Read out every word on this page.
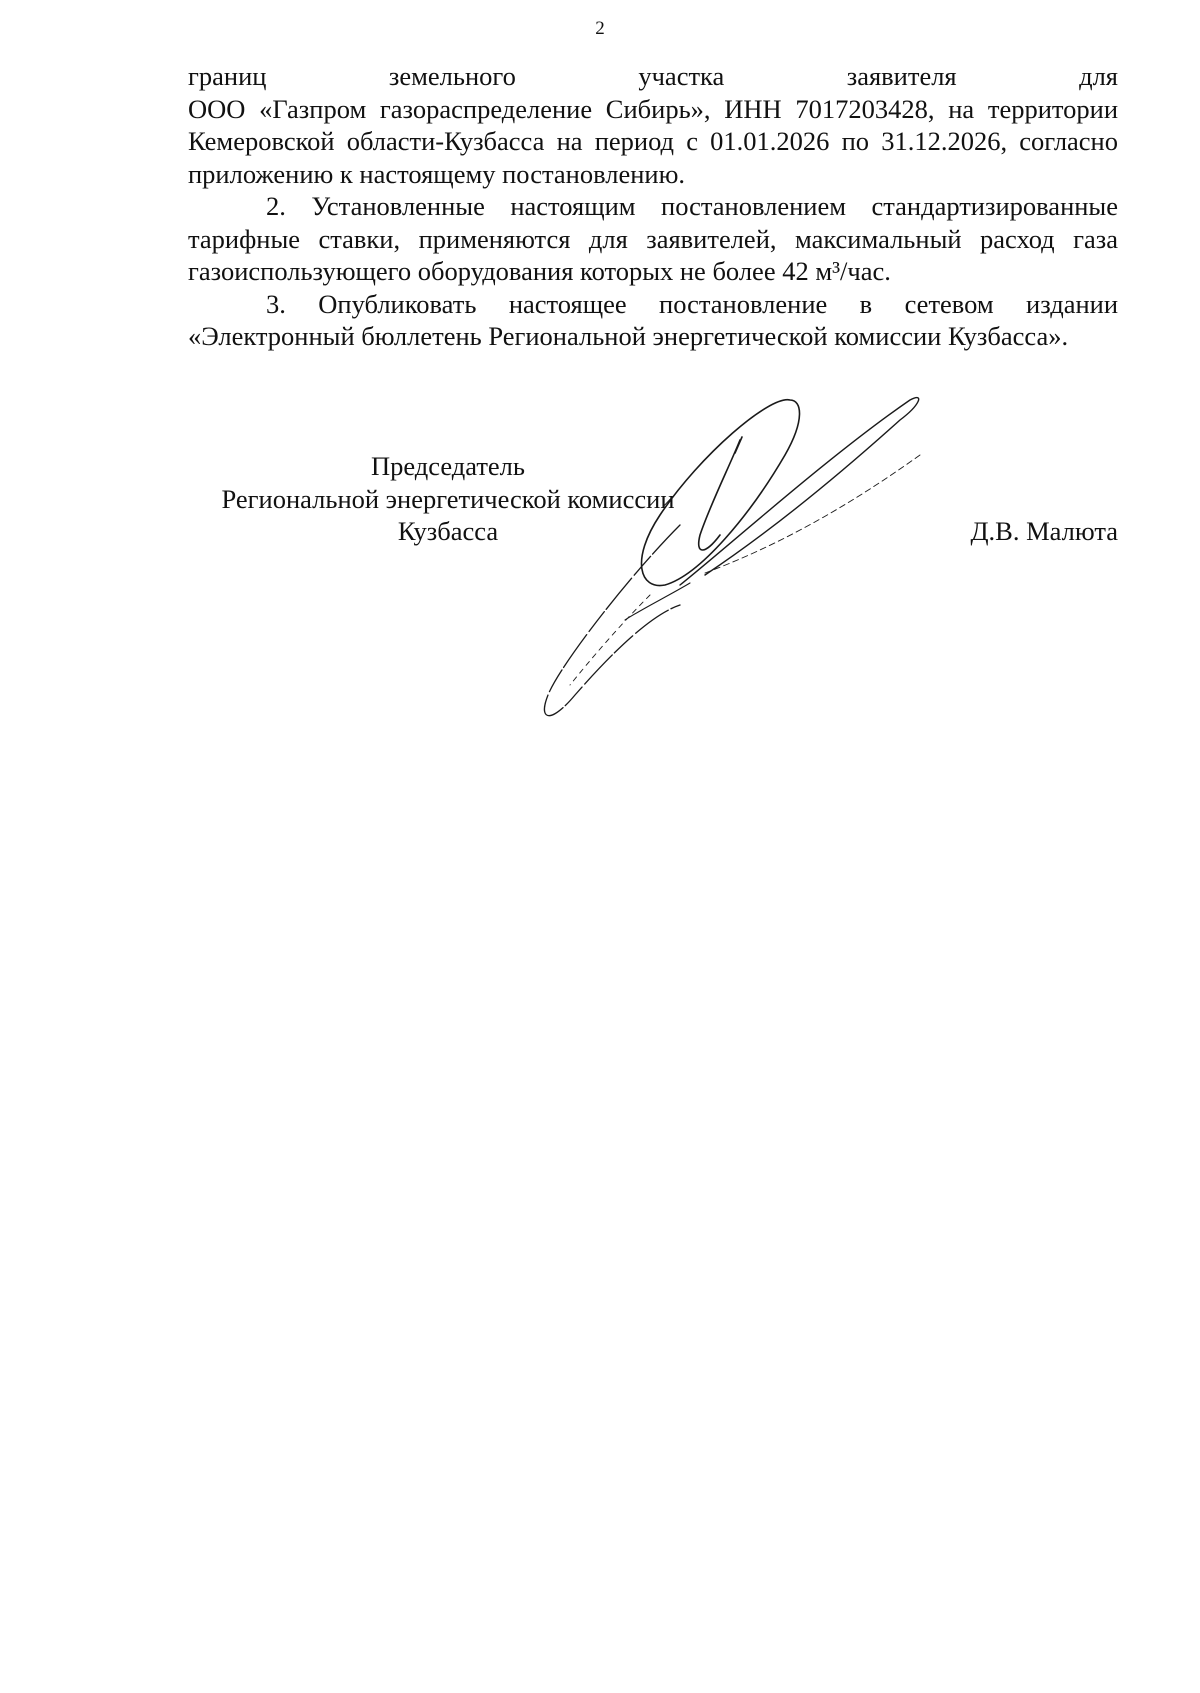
2

границ земельного участка заявителя для

ООО «Газпром газораспределение Сибирь», ИНН 7017203428, на территории Кемеровской области-Кузбасса на период с 01.01.2026 по 31.12.2026, согласно приложению к настоящему постановлению.

2. Установленные настоящим постановлением стандартизированные тарифные ставки, применяются для заявителей, максимальный расход газа газоиспользующего оборудования которых не более 42 м³/час.

3. Опубликовать настоящее постановление в сетевом издании «Электронный бюллетень Региональной энергетической комиссии Кузбасса».

Председатель
Региональной энергетической комиссии
Кузбасса	Д.В. Малюта
